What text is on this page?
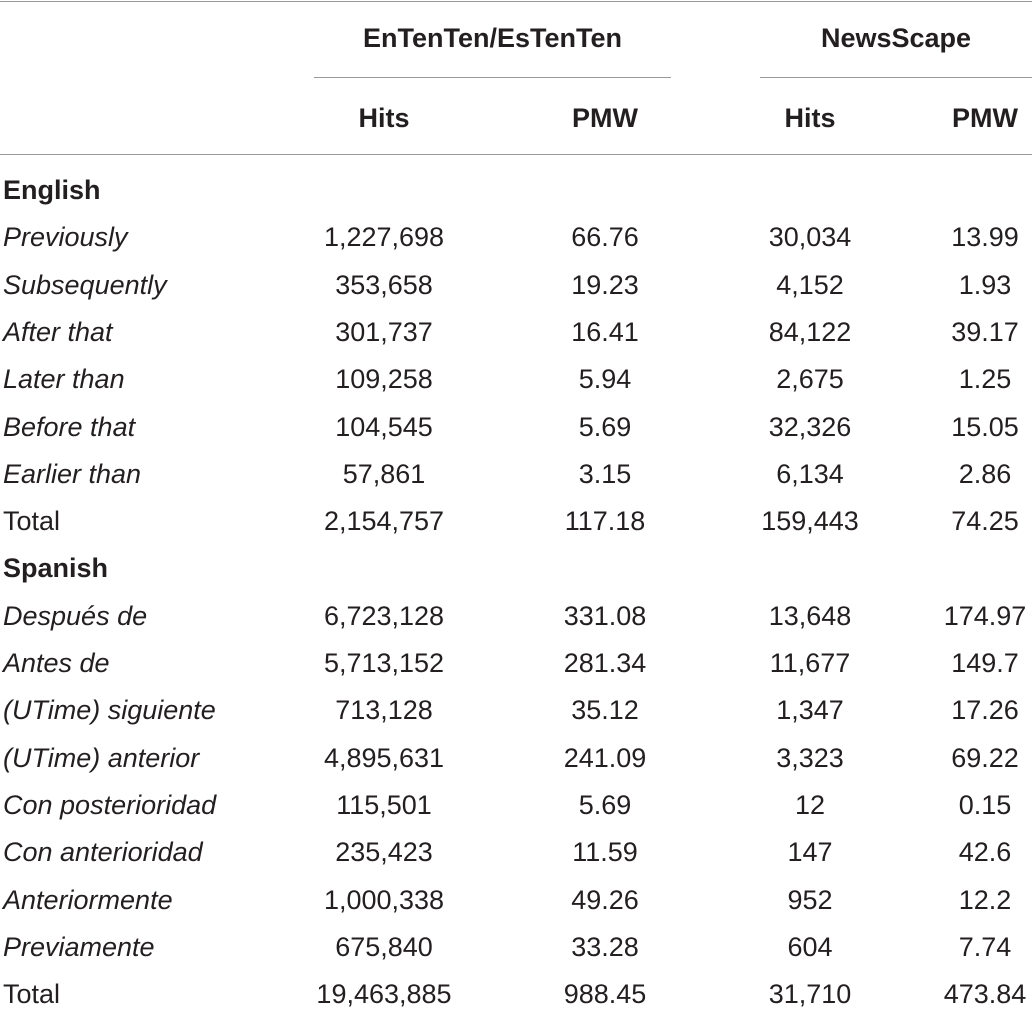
EnTenTen/EsTenTen	NewsScape
Hits	PMW	Hits	PMW
English
Previously	1,227,698	66.76	30,034	13.99
Subsequently	353,658	19.23	4,152	1.93
After that	301,737	16.41	84,122	39.17
Later than	109,258	5.94	2,675	1.25
Before that	104,545	5.69	32,326	15.05
Earlier than	57,861	3.15	6,134	2.86
Total	2,154,757	117.18	159,443	74.25
Spanish
Después de	6,723,128	331.08	13,648	174.97
Antes de	5,713,152	281.34	11,677	149.7
(UTime) siguiente	713,128	35.12	1,347	17.26
(UTime) anterior	4,895,631	241.09	3,323	69.22
Con posterioridad	115,501	5.69	12	0.15
Con anterioridad	235,423	11.59	147	42.6
Anteriormente	1,000,338	49.26	952	12.2
Previamente	675,840	33.28	604	7.74
Total	19,463,885	988.45	31,710	473.84
